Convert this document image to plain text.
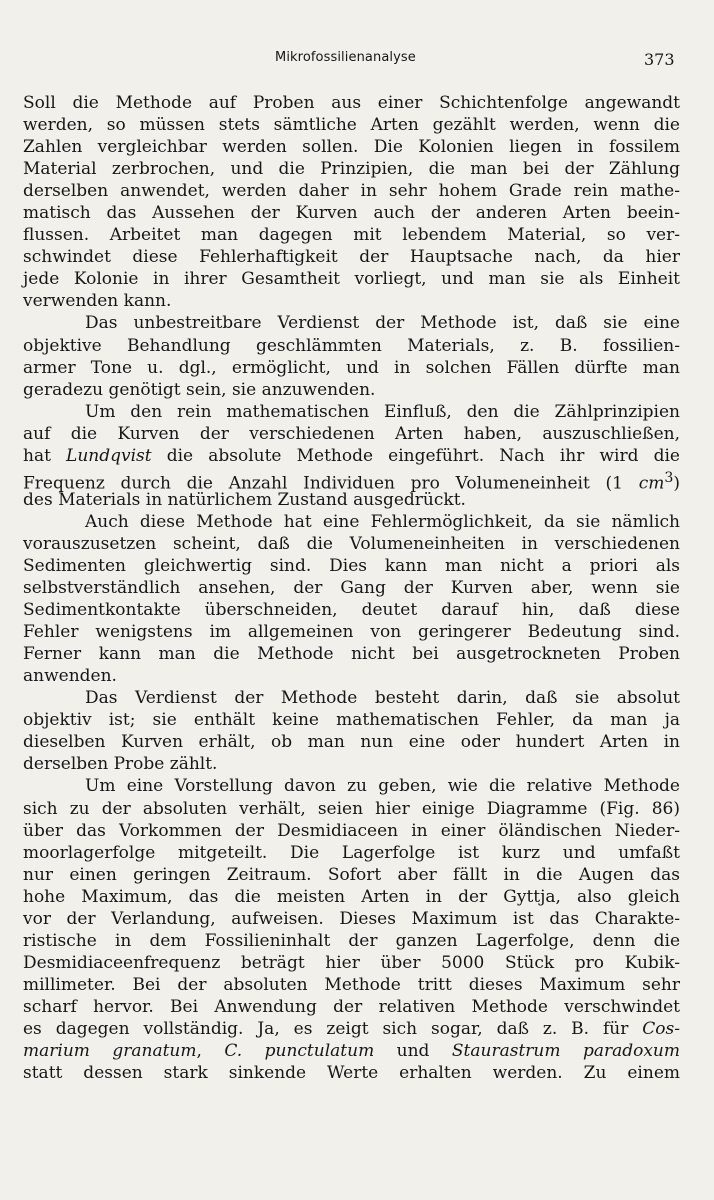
Mikrofossilienanalyse	373
Soll die Methode auf Proben aus einer Schichtenfolge angewandt
werden, so müssen stets sämtliche Arten gezählt werden, wenn die
Zahlen vergleichbar werden sollen. Die Kolonien liegen in fossilem
Material zerbrochen, und die Prinzipien, die man bei der Zählung
derselben anwendet, werden daher in sehr hohem Grade rein mathe-
matisch das Aussehen der Kurven auch der anderen Arten beein-
flussen. Arbeitet man dagegen mit lebendem Material, so ver-
schwindet diese Fehlerhaftigkeit der Hauptsache nach, da hier
jede Kolonie in ihrer Gesamtheit vorliegt, und man sie als Einheit
verwenden kann.
Das unbestreitbare Verdienst der Methode ist, daß sie eine
objektive Behandlung geschlämmten Materials, z. B. fossilien-
armer Tone u. dgl., ermöglicht, und in solchen Fällen dürfte man
geradezu genötigt sein, sie anzuwenden.
Um den rein mathematischen Einfluß, den die Zählprinzipien
auf die Kurven der verschiedenen Arten haben, auszuschließen,
hat Lundqvist die absolute Methode eingeführt. Nach ihr wird die
Frequenz durch die Anzahl Individuen pro Volumeneinheit (1 $cm^3$)
des Materials in natürlichem Zustand ausgedrückt.
Auch diese Methode hat eine Fehlermöglichkeit, da sie nämlich
vorauszusetzen scheint, daß die Volumeneinheiten in verschiedenen
Sedimenten gleichwertig sind. Dies kann man nicht a priori als
selbstverständlich ansehen, der Gang der Kurven aber, wenn sie
Sedimentkontakte überschneiden, deutet darauf hin, daß diese
Fehler wenigstens im allgemeinen von geringerer Bedeutung sind.
Ferner kann man die Methode nicht bei ausgetrockneten Proben
anwenden.
Das Verdienst der Methode besteht darin, daß sie absolut
objektiv ist; sie enthält keine mathematischen Fehler, da man ja
dieselben Kurven erhält, ob man nun eine oder hundert Arten in
derselben Probe zählt.
Um eine Vorstellung davon zu geben, wie die relative Methode
sich zu der absoluten verhält, seien hier einige Diagramme (Fig. 86)
über das Vorkommen der Desmidiaceen in einer öländischen Nieder-
moorlagerfolge mitgeteilt. Die Lagerfolge ist kurz und umfaßt
nur einen geringen Zeitraum. Sofort aber fällt in die Augen das
hohe Maximum, das die meisten Arten in der Gyttja, also gleich
vor der Verlandung, aufweisen. Dieses Maximum ist das Charakte-
ristische in dem Fossilieninhalt der ganzen Lagerfolge, denn die
Desmidiaceenfrequenz beträgt hier über 5000 Stück pro Kubik-
millimeter. Bei der absoluten Methode tritt dieses Maximum sehr
scharf hervor. Bei Anwendung der relativen Methode verschwindet
es dagegen vollständig. Ja, es zeigt sich sogar, daß z. B. für Cos-
marium granatum, C. punctulatum und Staurastrum paradoxum
statt dessen stark sinkende Werte erhalten werden. Zu einem
